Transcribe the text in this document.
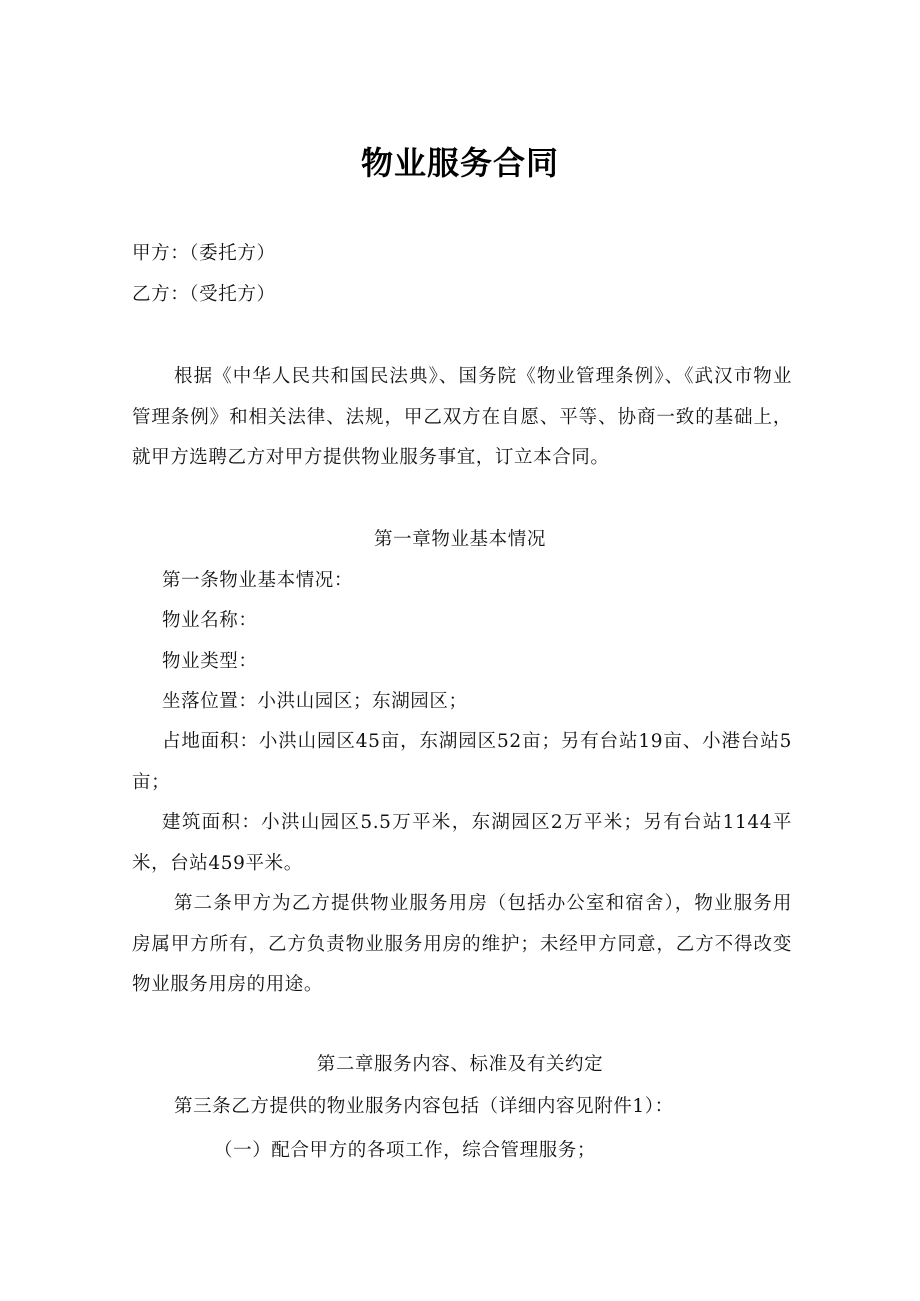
物业服务合同
甲方：（委托方）
乙方：（受托方）
根据《中华人民共和国民法典》、国务院《物业管理条例》、《武汉市物业管理条例》和相关法律、法规，甲乙双方在自愿、平等、协商一致的基础上，就甲方选聘乙方对甲方提供物业服务事宜，订立本合同。
第一章物业基本情况
第一条物业基本情况：
物业名称：
物业类型：
坐落位置：小洪山园区；东湖园区；
占地面积：小洪山园区45亩，东湖园区52亩；另有台站19亩、小港台站5亩；
建筑面积：小洪山园区5.5万平米，东湖园区2万平米；另有台站1144平米，台站459平米。
第二条甲方为乙方提供物业服务用房（包括办公室和宿舍），物业服务用房属甲方所有，乙方负责物业服务用房的维护；未经甲方同意，乙方不得改变物业服务用房的用途。
第二章服务内容、标准及有关约定
第三条乙方提供的物业服务内容包括（详细内容见附件1）：
（一）配合甲方的各项工作，综合管理服务；
